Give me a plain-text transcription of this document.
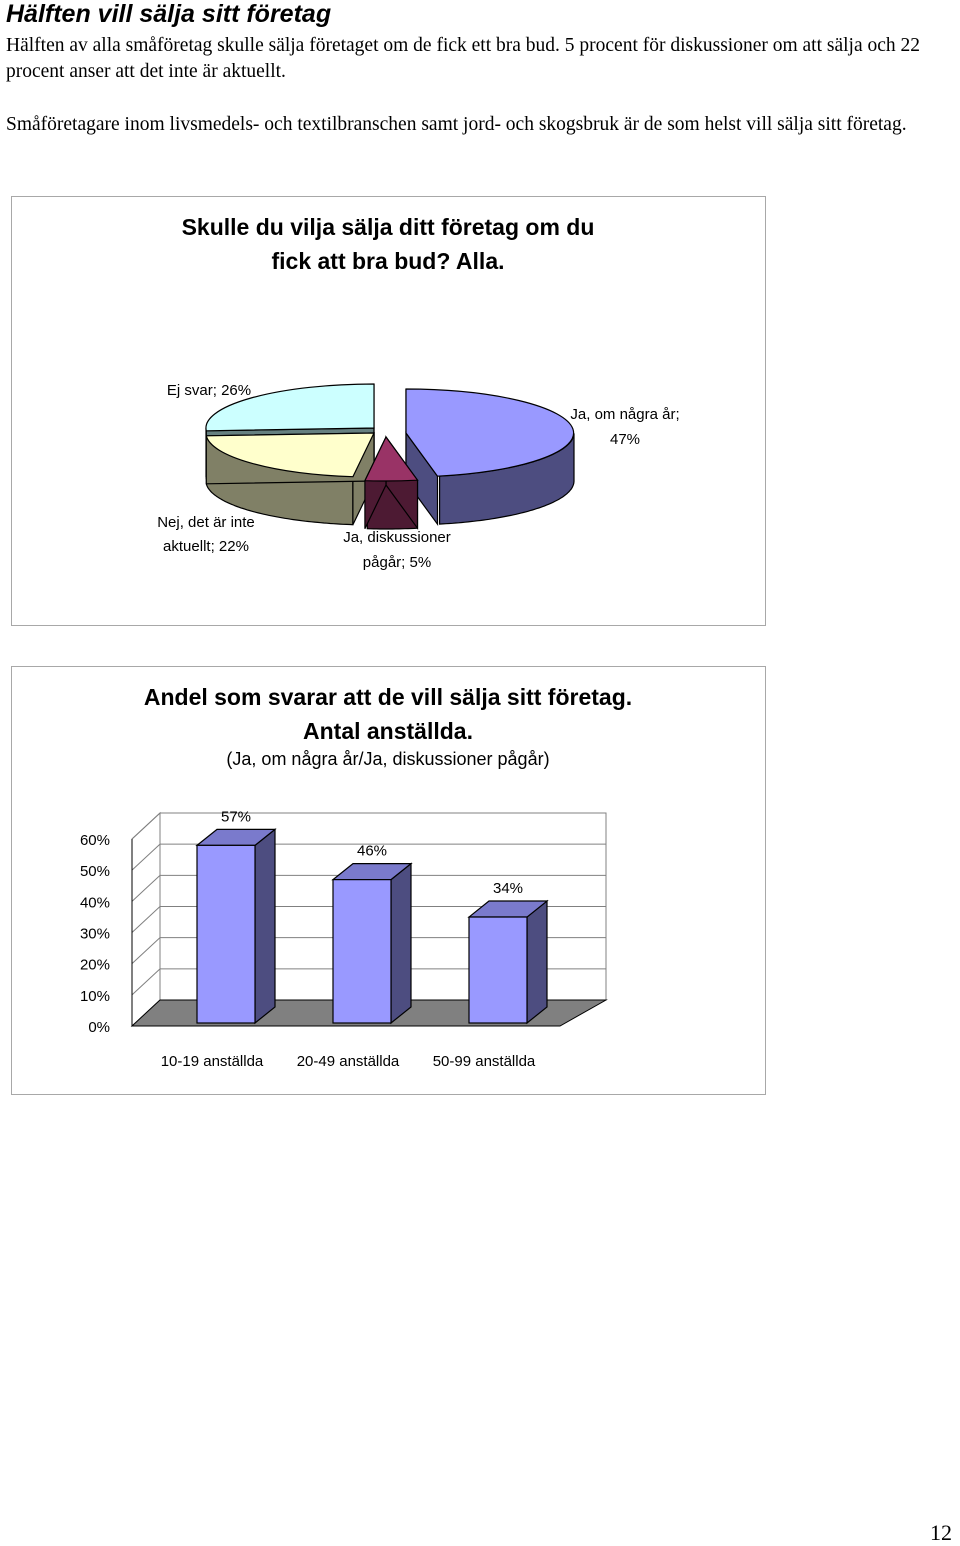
Hälften vill sälja sitt företag
Hälften av alla småföretag skulle sälja företaget om de fick ett bra bud. 5 procent för diskussioner om att sälja och 22 procent anser att det inte är aktuellt.
Småföretagare inom livsmedels- och textilbranschen samt jord- och skogsbruk är de som helst vill sälja sitt företag.
Skulle du vilja sälja ditt företag om du
fick att bra bud? Alla.
Ja, om några år;
47%
Ja, diskussioner
pågår; 5%
Nej, det är inte
aktuellt; 22%
Ej svar; 26%
Andel som svarar att de vill sälja sitt företag.
Antal anställda.
(Ja, om några år/Ja, diskussioner pågår)
60%
50%
40%
30%
20%
10%
0%
57%
10-19 anställda
46%
20-49 anställda
34%
50-99 anställda
12
